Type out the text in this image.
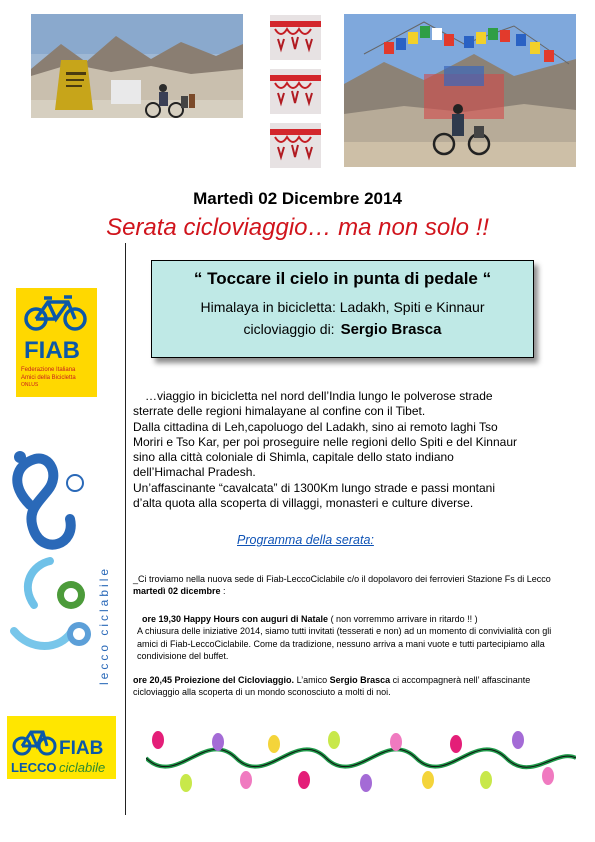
Martedì 02 Dicembre 2014
Serata cicloviaggio… ma non solo !!
“ Toccare il cielo in punta di pedale “
Himalaya in bicicletta: Ladakh, Spiti e Kinnaur
cicloviaggio di: Sergio Brasca

…viaggio in bicicletta nel nord dell’India lungo le polverose strade sterrate delle regioni himalayane al confine con il Tibet.

Dalla cittadina di Leh,capoluogo del Ladakh, sino ai remoto laghi Tso Moriri e Tso Kar, per poi proseguire nelle regioni dello Spiti e del Kinnaur sino alla città coloniale di Shimla, capitale dello stato indiano dell’Himachal Pradesh.

Un’affascinante “cavalcata” di 1300Km lungo strade e passi montani d’alta quota alla scoperta di villaggi, monasteri e culture diverse.

Programma della serata:

_Ci troviamo nella nuova sede di Fiab-LeccoCiclabile c/o il dopolavoro dei ferrovieri Stazione Fs di Lecco martedì 02 dicembre :

ore 19,30 Happy Hours con auguri di Natale ( non vorremmo arrivare in ritardo !! )

A chiusura delle iniziative 2014, siamo tutti invitati (tesserati e non) ad un momento di convivialità con gli amici di Fiab-LeccoCiclabile. Come da tradizione, nessuno arriva a mani vuote e tutti partecipiamo alla condivisione del buffet.

ore 20,45 Proiezione del Cicloviaggio. L’amico Sergio Brasca ci accompagnerà nell’ affascinante cicloviaggio alla scoperta di un mondo sconosciuto a molti di noi.

FIAB
Federazione Italiana
Amici della Bicicletta
ONLUS
lecco ciclabile
FIAB
LECCO ciclabile
